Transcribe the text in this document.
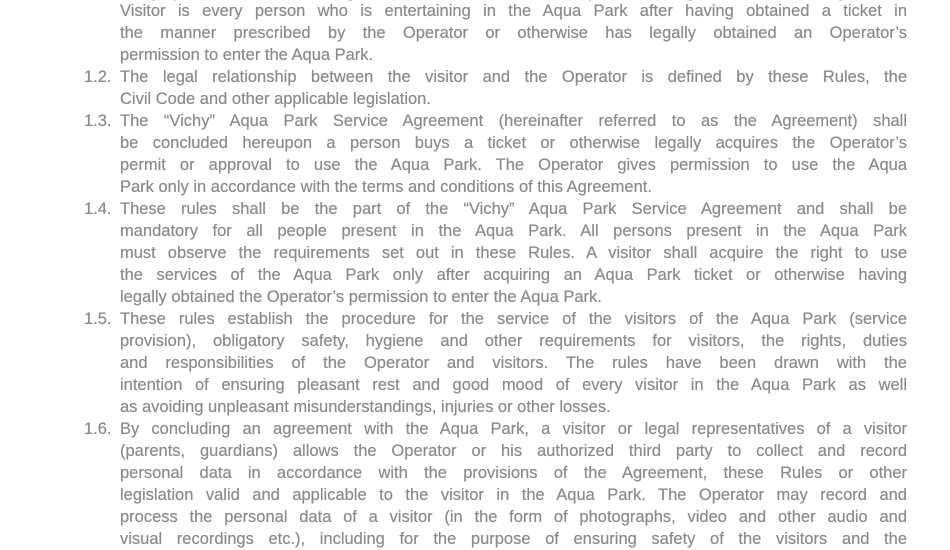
Visitor is every person who is entertaining in the Aqua Park after having obtained a ticket in
the manner prescribed by the Operator or otherwise has legally obtained an Operator’s
permission to enter the Aqua Park.
1.2. The legal relationship between the visitor and the Operator is defined by these Rules, the
Civil Code and other applicable legislation.
1.3. The “Vichy” Aqua Park Service Agreement (hereinafter referred to as the Agreement) shall
be concluded hereupon a person buys a ticket or otherwise legally acquires the Operator’s
permit or approval to use the Aqua Park. The Operator gives permission to use the Aqua
Park only in accordance with the terms and conditions of this Agreement.
1.4. These rules shall be the part of the “Vichy” Aqua Park Service Agreement and shall be
mandatory for all people present in the Aqua Park. All persons present in the Aqua Park
must observe the requirements set out in these Rules. A visitor shall acquire the right to use
the services of the Aqua Park only after acquiring an Aqua Park ticket or otherwise having
legally obtained the Operator’s permission to enter the Aqua Park.
1.5. These rules establish the procedure for the service of the visitors of the Aqua Park (service
provision), obligatory safety, hygiene and other requirements for visitors, the rights, duties
and responsibilities of the Operator and visitors. The rules have been drawn with the
intention of ensuring pleasant rest and good mood of every visitor in the Aqua Park as well
as avoiding unpleasant misunderstandings, injuries or other losses.
1.6. By concluding an agreement with the Aqua Park, a visitor or legal representatives of a visitor
(parents, guardians) allows the Operator or his authorized third party to collect and record
personal data in accordance with the provisions of the Agreement, these Rules or other
legislation valid and applicable to the visitor in the Aqua Park. The Operator may record and
process the personal data of a visitor (in the form of photographs, video and other audio and
visual recordings etc.), including for the purpose of ensuring safety of the visitors and the
